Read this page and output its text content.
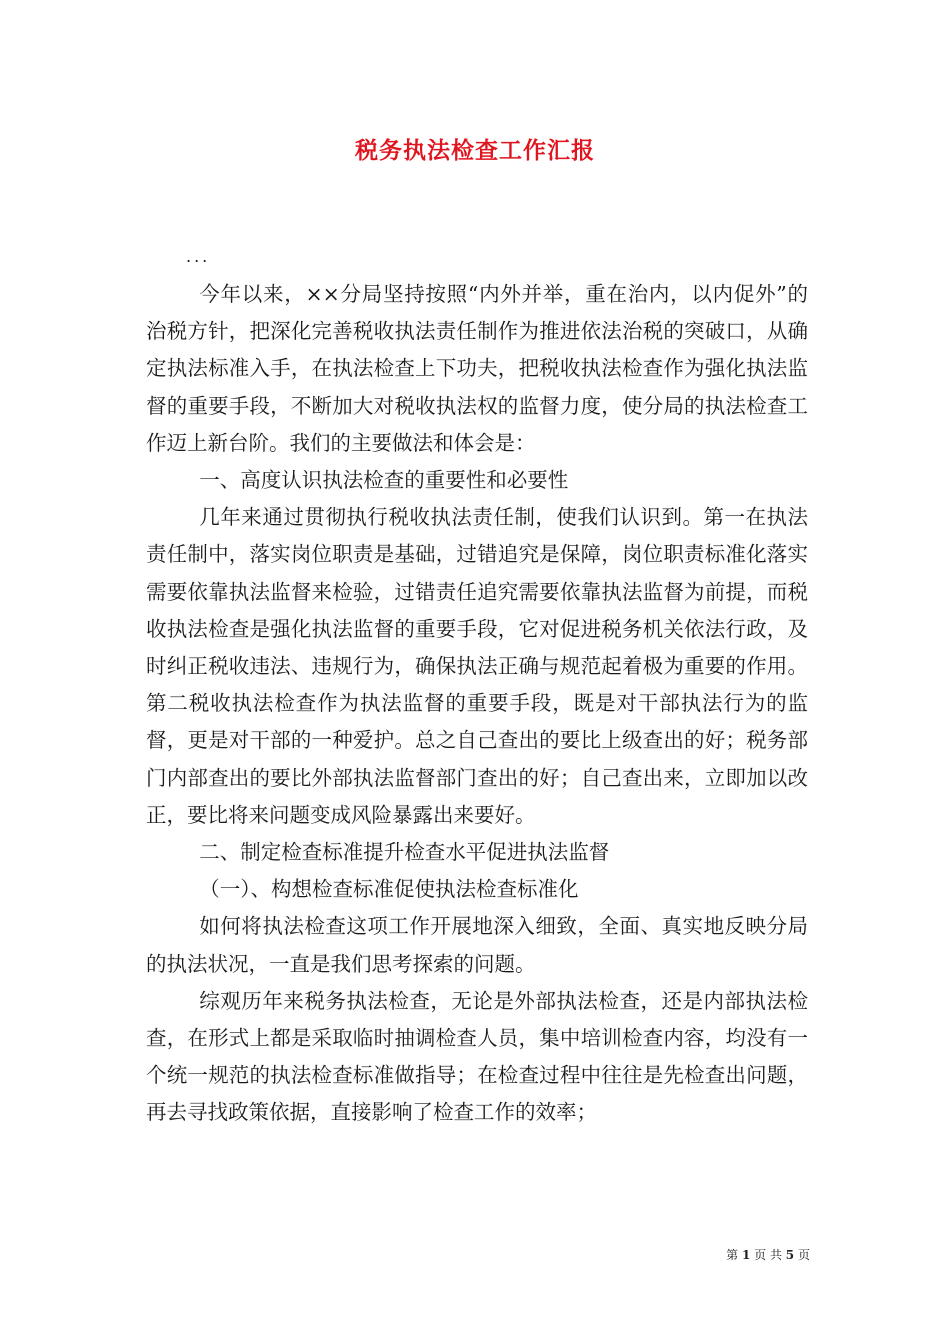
税务执法检查工作汇报
...

今年以来，××分局坚持按照“内外并举，重在治内，以内促外”的治税方针，把深化完善税收执法责任制作为推进依法治税的突破口，从确定执法标准入手，在执法检查上下功夫，把税收执法检查作为强化执法监督的重要手段，不断加大对税收执法权的监督力度，使分局的执法检查工作迈上新台阶。我们的主要做法和体会是：

一、高度认识执法检查的重要性和必要性

几年来通过贯彻执行税收执法责任制，使我们认识到。第一在执法责任制中，落实岗位职责是基础，过错追究是保障，岗位职责标准化落实需要依靠执法监督来检验，过错责任追究需要依靠执法监督为前提，而税收执法检查是强化执法监督的重要手段，它对促进税务机关依法行政，及时纠正税收违法、违规行为，确保执法正确与规范起着极为重要的作用。第二税收执法检查作为执法监督的重要手段，既是对干部执法行为的监督，更是对干部的一种爱护。总之自己查出的要比上级查出的好；税务部门内部查出的要比外部执法监督部门查出的好；自己查出来，立即加以改正，要比将来问题变成风险暴露出来要好。

二、制定检查标准提升检查水平促进执法监督

（一）、构想检查标准促使执法检查标准化

如何将执法检查这项工作开展地深入细致，全面、真实地反映分局的执法状况，一直是我们思考探索的问题。

综观历年来税务执法检查，无论是外部执法检查，还是内部执法检查，在形式上都是采取临时抽调检查人员，集中培训检查内容，均没有一个统一规范的执法检查标准做指导；在检查过程中往往是先检查出问题，再去寻找政策依据，直接影响了检查工作的效率；

第 1 页 共 5 页
